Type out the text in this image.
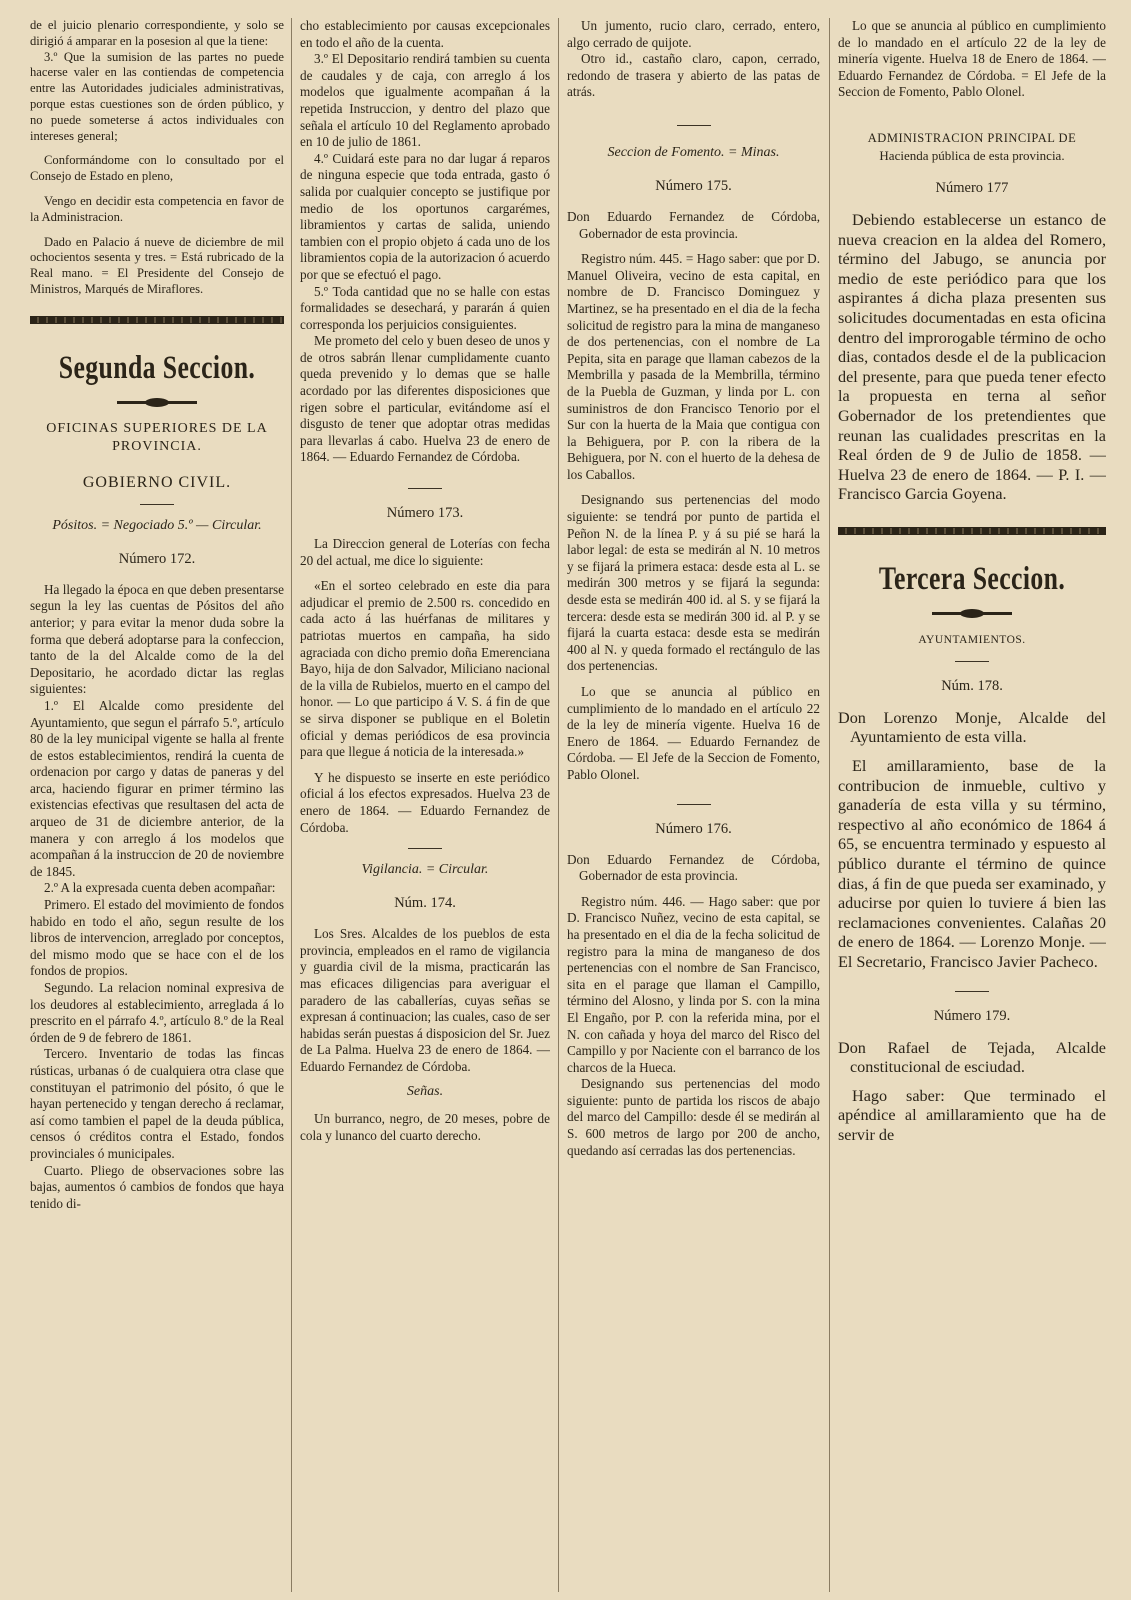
de el juicio plenario correspondiente, y solo se dirigió á amparar en la posesion al que la tiene:

3.º Que la sumision de las partes no puede hacerse valer en las contiendas de competencia entre las Autoridades judiciales administrativas, porque estas cuestiones son de órden público, y no puede someterse á actos individuales con intereses general;

Conformándome con lo consultado por el Consejo de Estado en pleno,

Vengo en decidir esta competencia en favor de la Administracion.

Dado en Palacio á nueve de diciembre de mil ochocientos sesenta y tres. = Está rubricado de la Real mano. = El Presidente del Consejo de Ministros, Marqués de Miraflores.

Segunda Seccion.
OFICINAS SUPERIORES DE LA PROVINCIA.
GOBIERNO CIVIL.
Pósitos. = Negociado 5.º — Circular.
Número 172.

Ha llegado la época en que deben presentarse segun la ley las cuentas de Pósitos del año anterior; y para evitar la menor duda sobre la forma que deberá adoptarse para la confeccion, tanto de la del Alcalde como de la del Depositario, he acordado dictar las reglas siguientes:

1.º El Alcalde como presidente del Ayuntamiento, que segun el párrafo 5.º, artículo 80 de la ley municipal vigente se halla al frente de estos establecimientos, rendirá la cuenta de ordenacion por cargo y datas de paneras y del arca, haciendo figurar en primer término las existencias efectivas que resultasen del acta de arqueo de 31 de diciembre anterior, de la manera y con arreglo á los modelos que acompañan á la instruccion de 20 de noviembre de 1845.

2.º A la expresada cuenta deben acompañar:

Primero. El estado del movimiento de fondos habido en todo el año, segun resulte de los libros de intervencion, arreglado por conceptos, del mismo modo que se hace con el de los fondos de propios.

Segundo. La relacion nominal expresiva de los deudores al establecimiento, arreglada á lo prescrito en el párrafo 4.º, artículo 8.º de la Real órden de 9 de febrero de 1861.

Tercero. Inventario de todas las fincas rústicas, urbanas ó de cualquiera otra clase que constituyan el patrimonio del pósito, ó que le hayan pertenecido y tengan derecho á reclamar, así como tambien el papel de la deuda pública, censos ó créditos contra el Estado, fondos provinciales ó municipales.

Cuarto. Pliego de observaciones sobre las bajas, aumentos ó cambios de fondos que haya tenido di-

cho establecimiento por causas excepcionales en todo el año de la cuenta.

3.º El Depositario rendirá tambien su cuenta de caudales y de caja, con arreglo á los modelos que igualmente acompañan á la repetida Instruccion, y dentro del plazo que señala el artículo 10 del Reglamento aprobado en 10 de julio de 1861.

4.º Cuidará este para no dar lugar á reparos de ninguna especie que toda entrada, gasto ó salida por cualquier concepto se justifique por medio de los oportunos cargarémes, libramientos y cartas de salida, uniendo tambien con el propio objeto á cada uno de los libramientos copia de la autorizacion ó acuerdo por que se efectuó el pago.

5.º Toda cantidad que no se halle con estas formalidades se desechará, y pararán á quien corresponda los perjuicios consiguientes.

Me prometo del celo y buen deseo de unos y de otros sabrán llenar cumplidamente cuanto queda prevenido y lo demas que se halle acordado por las diferentes disposiciones que rigen sobre el particular, evitándome así el disgusto de tener que adoptar otras medidas para llevarlas á cabo. Huelva 23 de enero de 1864. — Eduardo Fernandez de Córdoba.

Número 173.

La Direccion general de Loterías con fecha 20 del actual, me dice lo siguiente:

«En el sorteo celebrado en este dia para adjudicar el premio de 2.500 rs. concedido en cada acto á las huérfanas de militares y patriotas muertos en campaña, ha sido agraciada con dicho premio doña Emerenciana Bayo, hija de don Salvador, Miliciano nacional de la villa de Rubielos, muerto en el campo del honor. — Lo que participo á V. S. á fin de que se sirva disponer se publique en el Boletin oficial y demas periódicos de esa provincia para que llegue á noticia de la interesada.»

Y he dispuesto se inserte en este periódico oficial á los efectos expresados. Huelva 23 de enero de 1864. — Eduardo Fernandez de Córdoba.

Vigilancia. = Circular.
Núm. 174.

Los Sres. Alcaldes de los pueblos de esta provincia, empleados en el ramo de vigilancia y guardia civil de la misma, practicarán las mas eficaces diligencias para averiguar el paradero de las caballerías, cuyas señas se expresan á continuacion; las cuales, caso de ser habidas serán puestas á disposicion del Sr. Juez de La Palma. Huelva 23 de enero de 1864. — Eduardo Fernandez de Córdoba.

Señas.

Un burranco, negro, de 20 meses, pobre de cola y lunanco del cuarto derecho.

Un jumento, rucio claro, cerrado, entero, algo cerrado de quijote.

Otro id., castaño claro, capon, cerrado, redondo de trasera y abierto de las patas de atrás.

Seccion de Fomento. = Minas.
Número 175.

Don Eduardo Fernandez de Córdoba, Gobernador de esta provincia.

Registro núm. 445. = Hago saber: que por D. Manuel Oliveira, vecino de esta capital, en nombre de D. Francisco Dominguez y Martinez, se ha presentado en el dia de la fecha solicitud de registro para la mina de manganeso de dos pertenencias, con el nombre de La Pepita, sita en parage que llaman cabezos de la Membrilla y pasada de la Membrilla, término de la Puebla de Guzman, y linda por L. con suministros de don Francisco Tenorio por el Sur con la huerta de la Maia que contigua con la Behiguera, por P. con la ribera de la Behiguera, por N. con el huerto de la dehesa de los Caballos.

Designando sus pertenencias del modo siguiente: se tendrá por punto de partida el Peñon N. de la línea P. y á su pié se hará la labor legal: de esta se medirán al N. 10 metros y se fijará la primera estaca: desde esta al L. se medirán 300 metros y se fijará la segunda: desde esta se medirán 400 id. al S. y se fijará la tercera: desde esta se medirán 300 id. al P. y se fijará la cuarta estaca: desde esta se medirán 400 al N. y queda formado el rectángulo de las dos pertenencias.

Lo que se anuncia al público en cumplimiento de lo mandado en el artículo 22 de la ley de minería vigente. Huelva 16 de Enero de 1864. — Eduardo Fernandez de Córdoba. — El Jefe de la Seccion de Fomento, Pablo Olonel.

Número 176.

Don Eduardo Fernandez de Córdoba, Gobernador de esta provincia.

Registro núm. 446. — Hago saber: que por D. Francisco Nuñez, vecino de esta capital, se ha presentado en el dia de la fecha solicitud de registro para la mina de manganeso de dos pertenencias con el nombre de San Francisco, sita en el parage que llaman el Campillo, término del Alosno, y linda por S. con la mina El Engaño, por P. con la referida mina, por el N. con cañada y hoya del marco del Risco del Campillo y por Naciente con el barranco de los charcos de la Hueca.

Designando sus pertenencias del modo siguiente: punto de partida los riscos de abajo del marco del Campillo: desde él se medirán al S. 600 metros de largo por 200 de ancho, quedando así cerradas las dos pertenencias.

Lo que se anuncia al público en cumplimiento de lo mandado en el artículo 22 de la ley de minería vigente. Huelva 18 de Enero de 1864. — Eduardo Fernandez de Córdoba. = El Jefe de la Seccion de Fomento, Pablo Olonel.

ADMINISTRACION PRINCIPAL DE
Hacienda pública de esta provincia.
Número 177

Debiendo establecerse un estanco de nueva creacion en la aldea del Romero, término del Jabugo, se anuncia por medio de este periódico para que los aspirantes á dicha plaza presenten sus solicitudes documentadas en esta oficina dentro del improrogable término de ocho dias, contados desde el de la publicacion del presente, para que pueda tener efecto la propuesta en terna al señor Gobernador de los pretendientes que reunan las cualidades prescritas en la Real órden de 9 de Julio de 1858. — Huelva 23 de enero de 1864. — P. I. — Francisco Garcia Goyena.

Tercera Seccion.
AYUNTAMIENTOS.
Núm. 178.

Don Lorenzo Monje, Alcalde del Ayuntamiento de esta villa.

El amillaramiento, base de la contribucion de inmueble, cultivo y ganadería de esta villa y su término, respectivo al año económico de 1864 á 65, se encuentra terminado y espuesto al público durante el término de quince dias, á fin de que pueda ser examinado, y aducirse por quien lo tuviere á bien las reclamaciones convenientes. Calañas 20 de enero de 1864. — Lorenzo Monje. — El Secretario, Francisco Javier Pacheco.

Número 179.

Don Rafael de Tejada, Alcalde constitucional de esciudad.

Hago saber: Que terminado el apéndice al amillaramiento que ha de servir de
